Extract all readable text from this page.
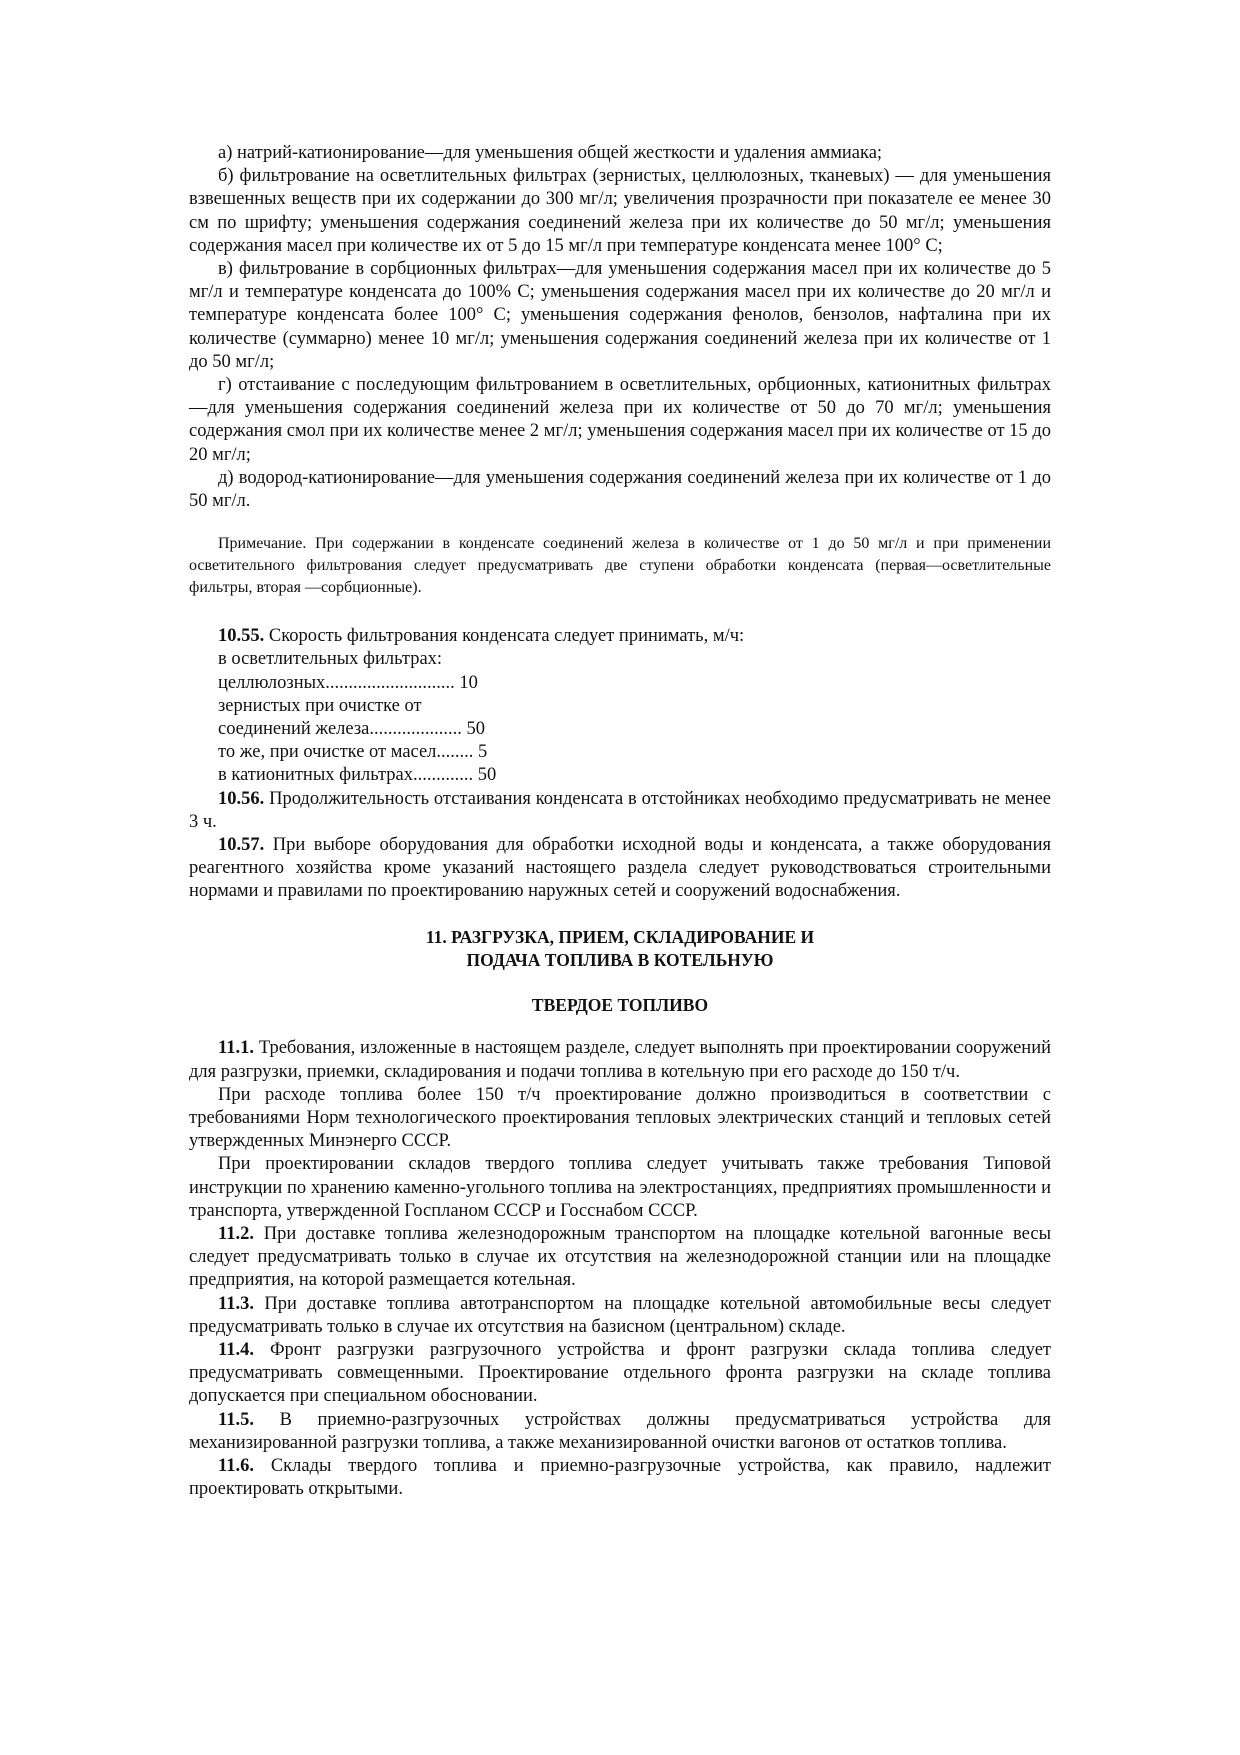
а) натрий-катионирование—для уменьшения общей жесткости и удаления аммиака;

б) фильтрование на осветлительных фильтрах (зернистых, целлюлозных, тканевых) — для уменьшения взвешенных веществ при их содержании до 300 мг/л; увеличения прозрачности при показателе ее менее 30 см по шрифту; уменьшения содержания соединений железа при их количестве до 50 мг/л; уменьшения содержания масел при количестве их от 5 до 15 мг/л при температуре конденсата менее 100° С;

в) фильтрование в сорбционных фильтрах—для уменьшения содержания масел при их количестве до 5 мг/л и температуре конденсата до 100% С; уменьшения содержания масел при их количестве до 20 мг/л и температуре конденсата более 100° С; уменьшения содержания фенолов, бензолов, нафталина при их количестве (суммарно) менее 10 мг/л; уменьшения содержания соединений железа при их количестве от 1 до 50 мг/л;

г) отстаивание с последующим фильтрованием в осветлительных, орбционных, катионитных фильтрах—для уменьшения содержания соединений железа при их количестве от 50 до 70 мг/л; уменьшения содержания смол при их количестве менее 2 мг/л; уменьшения содержания масел при их количестве от 15 до 20 мг/л;

д) водород-катионирование—для уменьшения содержания соединений железа при их количестве от 1 до 50 мг/л.

Примечание. При содержании в конденсате соединений железа в количестве от 1 до 50 мг/л и при применении осветительного фильтрования следует предусматривать две ступени обработки конденсата (первая—осветлительные фильтры, вторая —сорбционные).

10.55. Скорость фильтрования конденсата следует принимать, м/ч:

в осветлительных фильтрах:

целлюлозных............................ 10

зернистых при очистке от

соединений железа.................... 50

то же, при очистке от масел........ 5

в катионитных фильтрах............. 50

10.56. Продолжительность отстаивания конденсата в отстойниках необходимо предусматривать не менее 3 ч.

10.57. При выборе оборудования для обработки исходной воды и конденсата, а также оборудования реагентного хозяйства кроме указаний настоящего раздела следует руководствоваться строительными нормами и правилами по проектированию наружных сетей и сооружений водоснабжения.

11. РАЗГРУЗКА, ПРИЕМ, СКЛАДИРОВАНИЕ И
ПОДАЧА ТОПЛИВА В КОТЕЛЬНУЮ
ТВЕРДОЕ ТОПЛИВО

11.1. Требования, изложенные в настоящем разделе, следует выполнять при проектировании сооружений для разгрузки, приемки, складирования и подачи топлива в котельную при его расходе до 150 т/ч.

При расходе топлива более 150 т/ч проектирование должно производиться в соответствии с требованиями Норм технологического проектирования тепловых электрических станций и тепловых сетей утвержденных Минэнерго СССР.

При проектировании складов твердого топлива следует учитывать также требования Типовой инструкции по хранению каменно-угольного топлива на электростанциях, предприятиях промышленности и транспорта, утвержденной Госпланом СССР и Госснабом СССР.

11.2. При доставке топлива железнодорожным транспортом на площадке котельной вагонные весы следует предусматривать только в случае их отсутствия на железнодорожной станции или на площадке предприятия, на которой размещается котельная.

11.3. При доставке топлива автотранспортом на площадке котельной автомобильные весы следует предусматривать только в случае их отсутствия на базисном (центральном) складе.

11.4. Фронт разгрузки разгрузочного устройства и фронт разгрузки склада топлива следует предусматривать совмещенными. Проектирование отдельного фронта разгрузки на складе топлива допускается при специальном обосновании.

11.5. В приемно-разгрузочных устройствах должны предусматриваться устройства для механизированной разгрузки топлива, а также механизированной очистки вагонов от остатков топлива.

11.6. Склады твердого топлива и приемно-разгрузочные устройства, как правило, надлежит проектировать открытыми.
